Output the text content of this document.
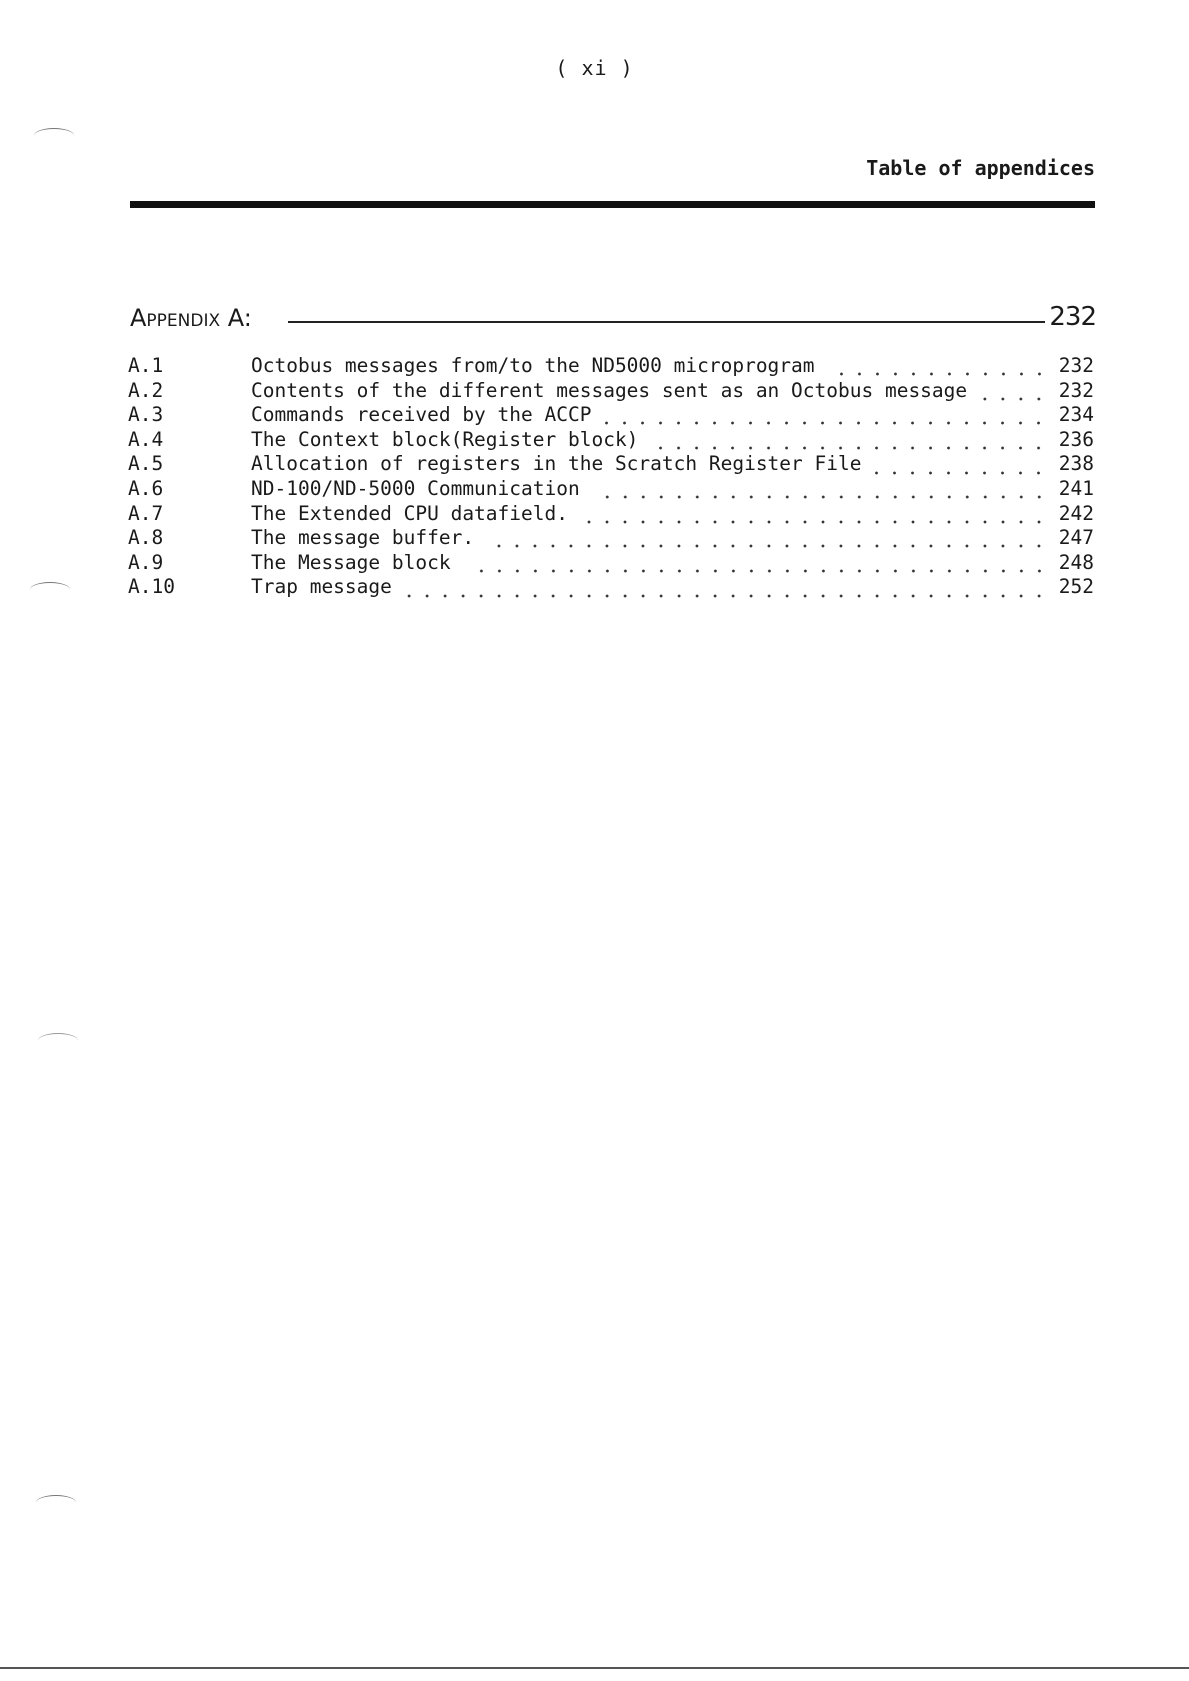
( xi )
Table of appendices
Appendix A:	232
A.1	Octobus messages from/to the ND5000 microprogram	232
A.2	Contents of the different messages sent as an Octobus message	232
A.3	Commands received by the ACCP	234
A.4	The Context block(Register block)	236
A.5	Allocation of registers in the Scratch Register File	238
A.6	ND-100/ND-5000 Communication	241
A.7	The Extended CPU datafield.	242
A.8	The message buffer.	247
A.9	The Message block	248
A.10	Trap message	252
